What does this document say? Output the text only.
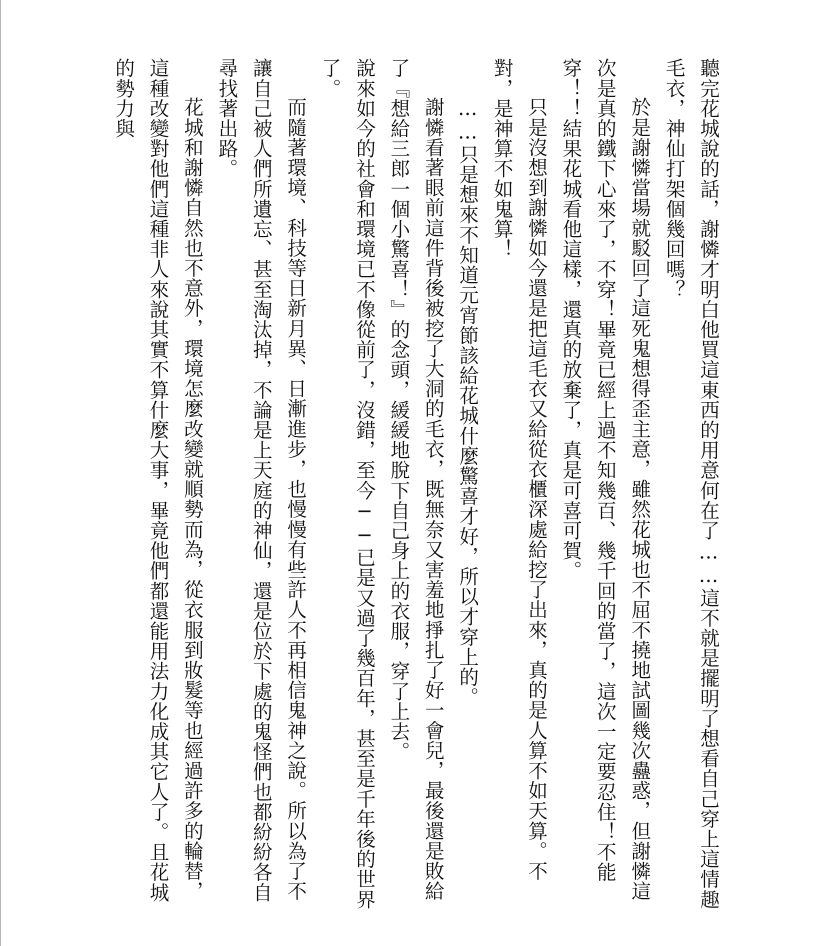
聽完花城說的話，謝憐才明白他買這東西的用意何在了……這不就是擺明了想看自己穿上這情趣毛衣，神仙打架個幾回嗎？

於是謝憐當場就駁回了這死鬼想得歪主意，雖然花城也不屈不撓地試圖幾次蠱惑，但謝憐這次是真的鐵下心來了，不穿！畢竟已經上過不知幾百、幾千回的當了，這次一定要忍住！不能穿！！結果花城看他這樣，還真的放棄了，真是可喜可賀。

只是沒想到謝憐如今還是把這毛衣又給從衣櫃深處給挖了出來，真的是人算不如天算。不對，是神算不如鬼算！

……只是想來不知道元宵節該給花城什麼驚喜才好，所以才穿上的。

謝憐看著眼前這件背後被挖了大洞的毛衣，既無奈又害羞地掙扎了好一會兒，最後還是敗給了『想給三郎一個小驚喜！』的念頭，緩緩地脫下自己身上的衣服，穿了上去。

說來如今的社會和環境已不像從前了，沒錯，至今──已是又過了幾百年，甚至是千年後的世界了。

而隨著環境、科技等日新月異、日漸進步，也慢慢有些許人不再相信鬼神之說。所以為了不讓自己被人們所遺忘、甚至淘汰掉，不論是上天庭的神仙，還是位於下處的鬼怪們也都紛紛各自尋找著出路。

花城和謝憐自然也不意外，環境怎麼改變就順勢而為，從衣服到妝髮等也經過許多的輪替，這種改變對他們這種非人來說其實不算什麼大事，畢竟他們都還能用法力化成其它人了。且花城的勢力與
